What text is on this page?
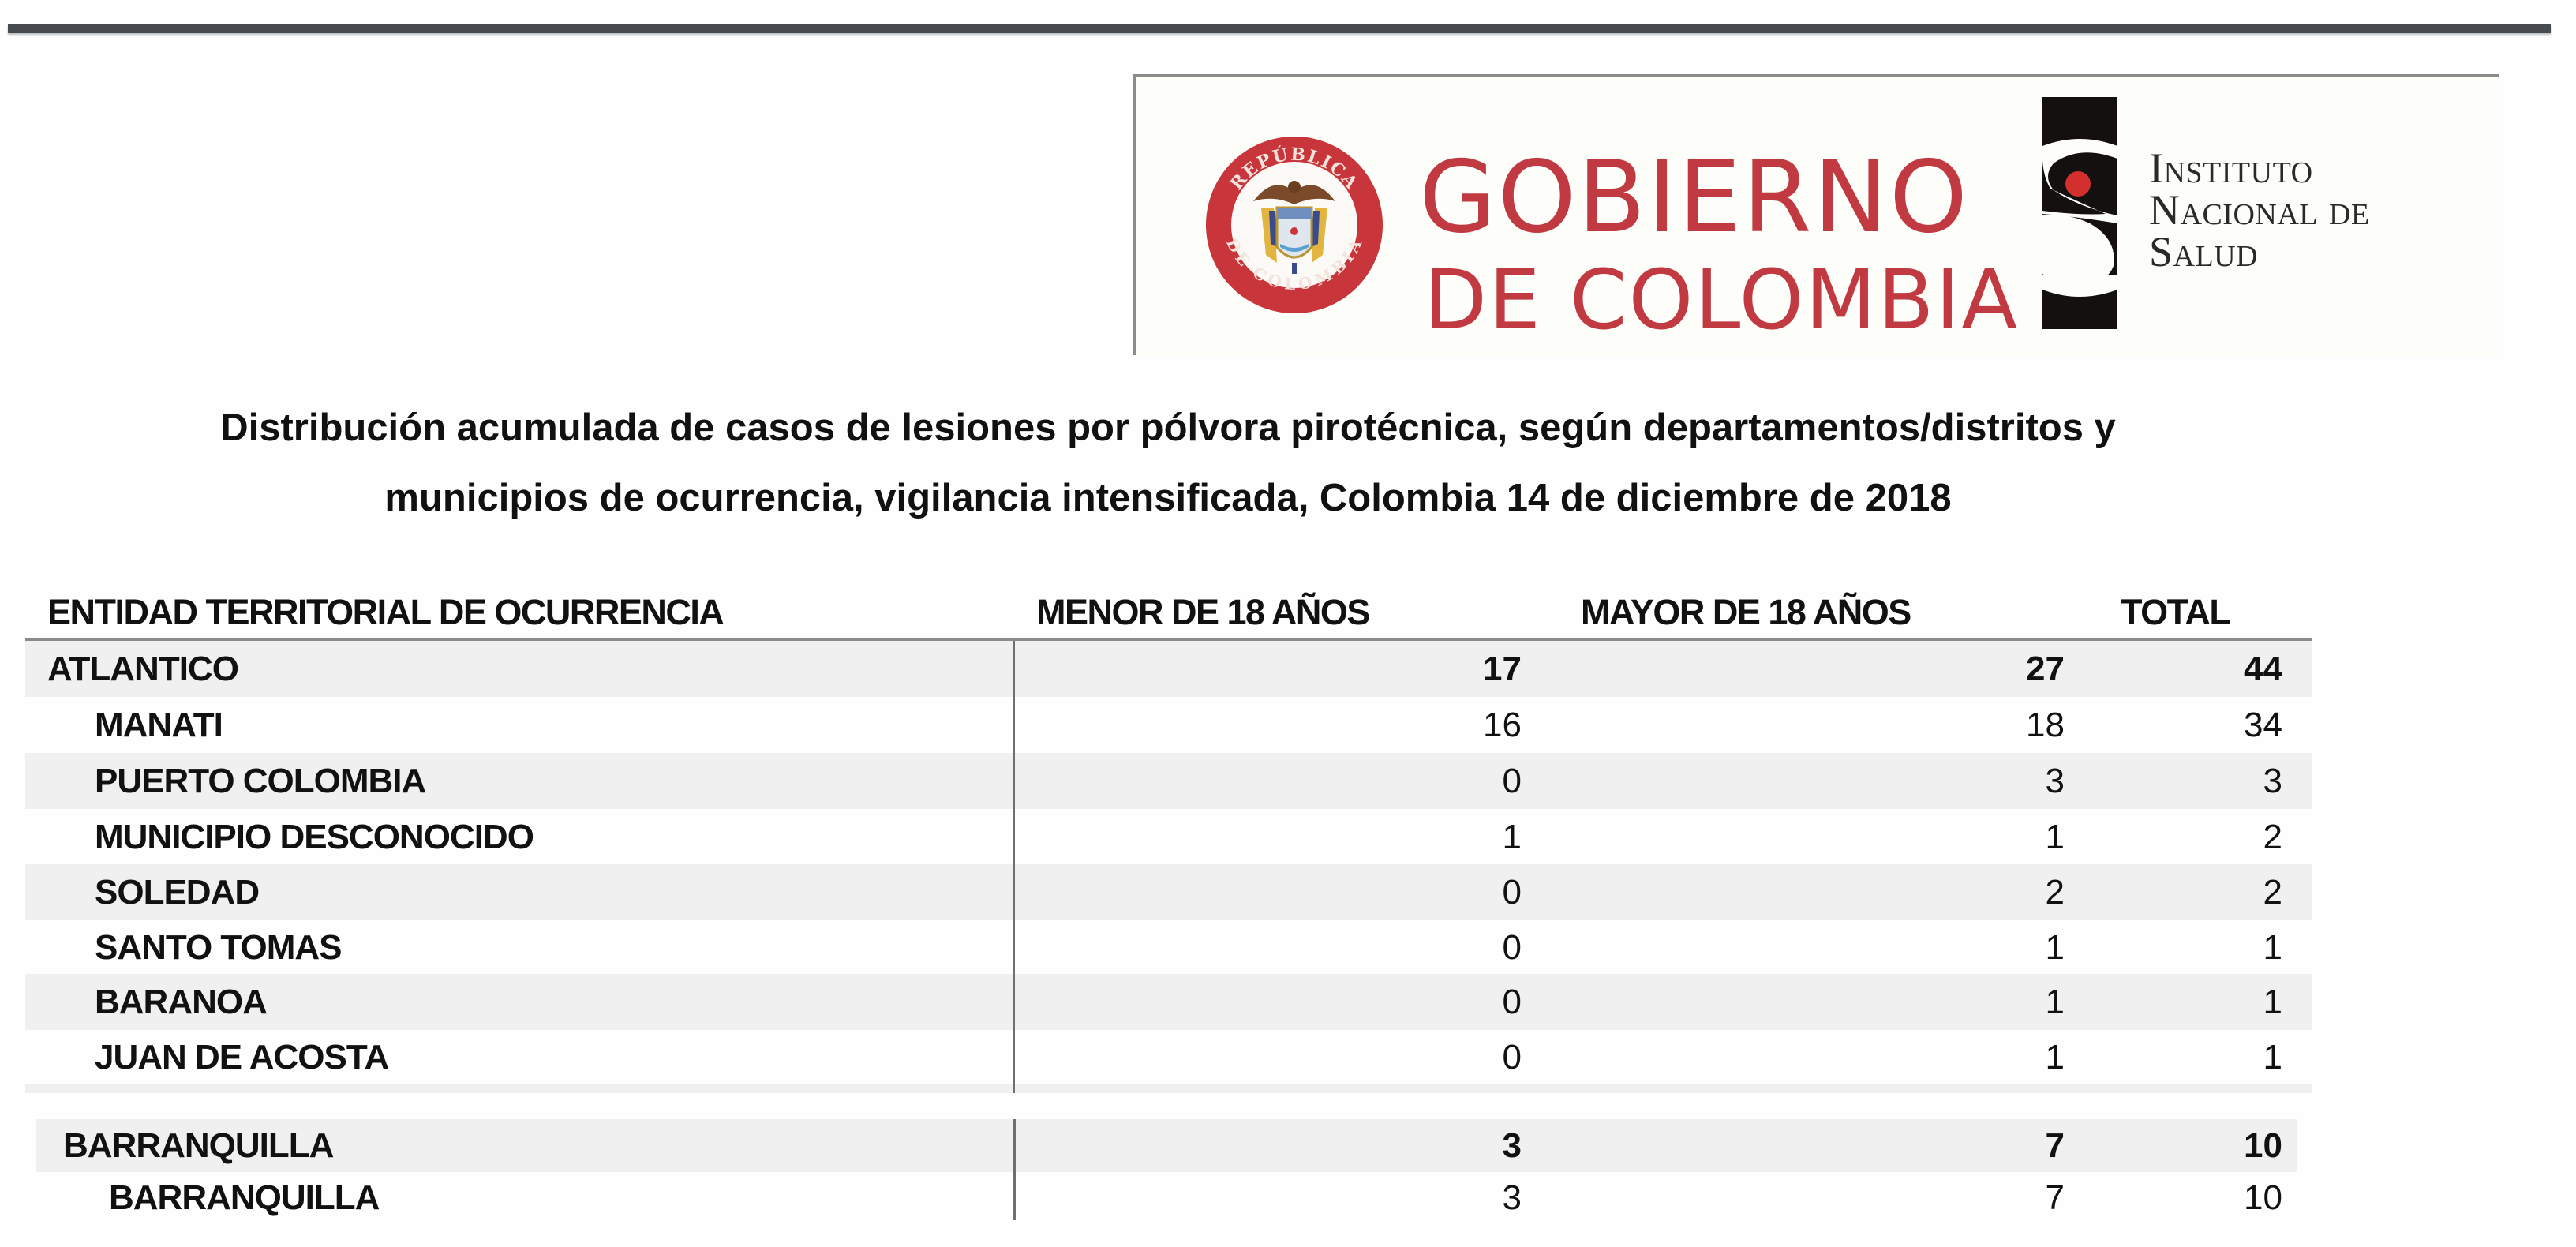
REPÚBLICA
DE COLOMBIA GOBIERNO
DE COLOMBIA
Instituto
Nacional de
Salud
Distribución acumulada de casos de lesiones por pólvora pirotécnica, según departamentos/distritos y
municipios de ocurrencia, vigilancia intensificada, Colombia 14 de diciembre de 2018
ENTIDAD TERRITORIAL DE OCURRENCIA	MENOR DE 18 AÑOS	MAYOR DE 18 AÑOS	TOTAL
ATLANTICO	17	27	44
MANATI	16	18	34
PUERTO COLOMBIA	0	3	3
MUNICIPIO DESCONOCIDO	1	1	2
SOLEDAD	0	2	2
SANTO TOMAS	0	1	1
BARANOA	0	1	1
JUAN DE ACOSTA	0	1	1
BARRANQUILLA	3	7	10
BARRANQUILLA	3	7	10
